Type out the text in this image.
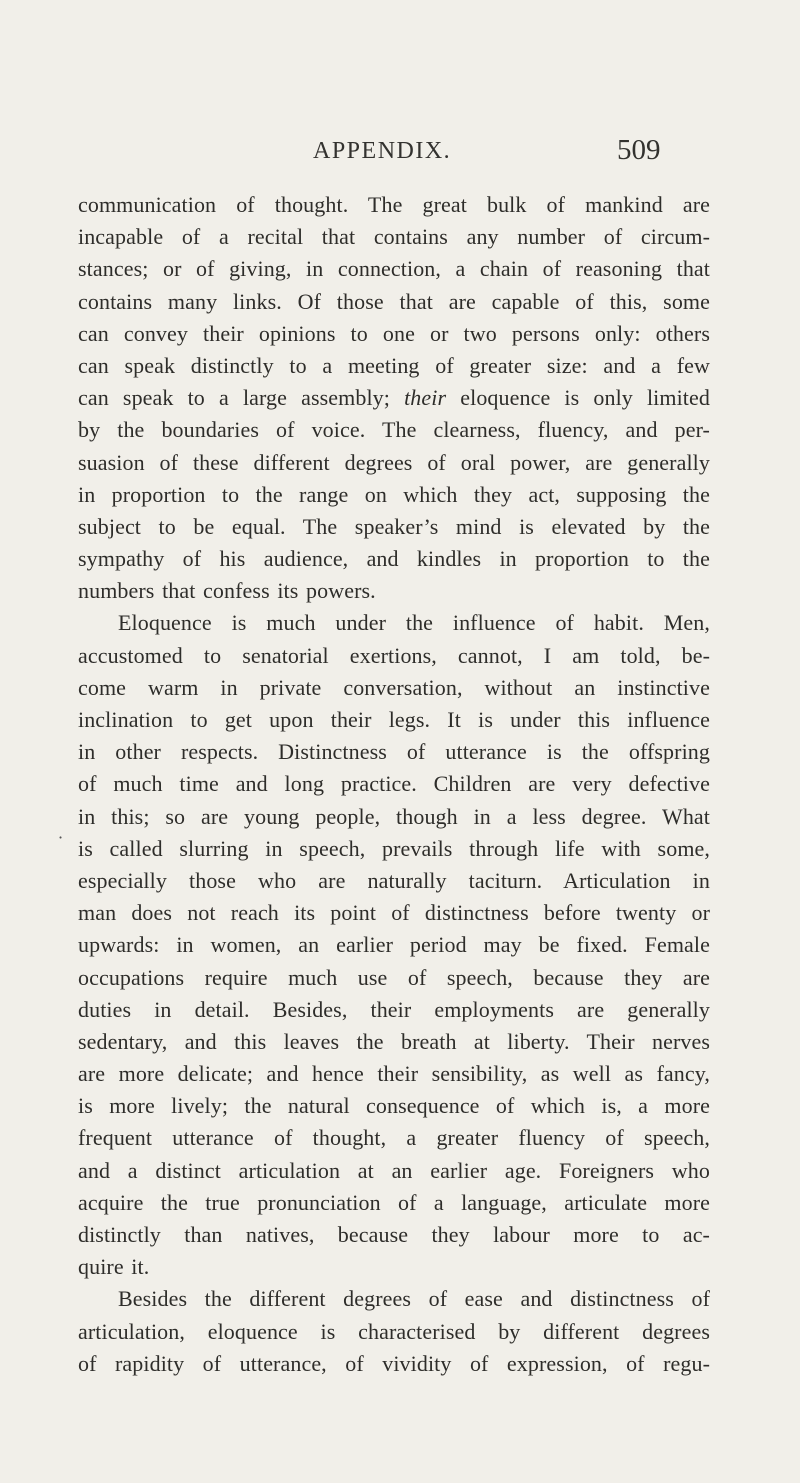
APPENDIX.	509
·
communication of thought. The great bulk of mankind are
incapable of a recital that contains any number of circum-
stances; or of giving, in connection, a chain of reasoning that
contains many links. Of those that are capable of this, some
can convey their opinions to one or two persons only: others
can speak distinctly to a meeting of greater size: and a few
can speak to a large assembly; their eloquence is only limited
by the boundaries of voice. The clearness, fluency, and per-
suasion of these different degrees of oral power, are generally
in proportion to the range on which they act, supposing the
subject to be equal. The speaker’s mind is elevated by the
sympathy of his audience, and kindles in proportion to the
numbers that confess its powers.
Eloquence is much under the influence of habit. Men,
accustomed to senatorial exertions, cannot, I am told, be-
come warm in private conversation, without an instinctive
inclination to get upon their legs. It is under this influence
in other respects. Distinctness of utterance is the offspring
of much time and long practice. Children are very defective
in this; so are young people, though in a less degree. What
is called slurring in speech, prevails through life with some,
especially those who are naturally taciturn. Articulation in
man does not reach its point of distinctness before twenty or
upwards: in women, an earlier period may be fixed. Female
occupations require much use of speech, because they are
duties in detail. Besides, their employments are generally
sedentary, and this leaves the breath at liberty. Their nerves
are more delicate; and hence their sensibility, as well as fancy,
is more lively; the natural consequence of which is, a more
frequent utterance of thought, a greater fluency of speech,
and a distinct articulation at an earlier age. Foreigners who
acquire the true pronunciation of a language, articulate more
distinctly than natives, because they labour more to ac-
quire it.
Besides the different degrees of ease and distinctness of
articulation, eloquence is characterised by different degrees
of rapidity of utterance, of vividity of expression, of regu-
